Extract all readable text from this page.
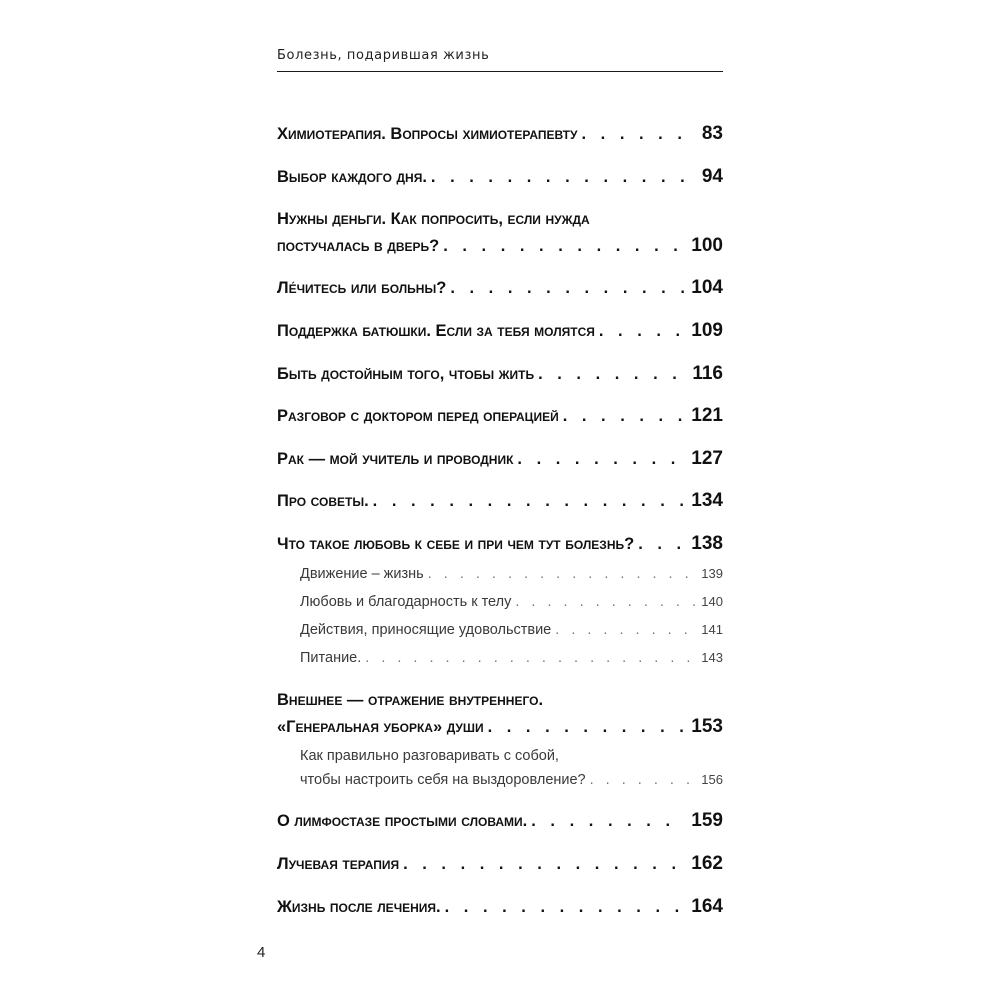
Болезнь, подарившая жизнь
Химиотерапия. Вопросы химиотерапевту . . .	83
Выбор каждого дня. . . .	94
Нужны деньги. Как попросить, если нужда
постучалась в дверь? . . .	100
Ле́читесь или больны? . . .	104
Поддержка батюшки. Если за тебя молятся . . .	109
Быть достойным того, чтобы жить . . .	116
Разговор с доктором перед операцией . . .	121
Рак — мой учитель и проводник . . .	127
Про советы. . . .	134
Что такое любовь к себе и при чем тут болезнь? . . .	138
Движение – жизнь . . .	139
Любовь и благодарность к телу . . .	140
Действия, приносящие удовольствие . . .	141
Питание. . . .	143
Внешнее — отражение внутреннего.
«Генеральная уборка» души . . .	153
Как правильно разговаривать с собой,
чтобы настроить себя на выздоровление? . . .	156
О лимфостазе простыми словами. . . .	159
Лучевая терапия . . .	162
Жизнь после лечения. . . .	164
4
